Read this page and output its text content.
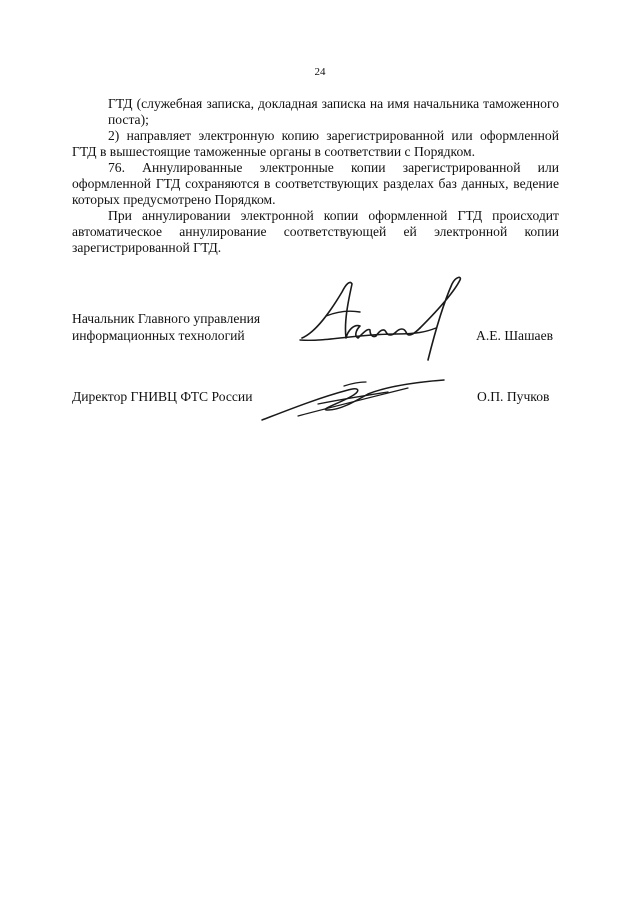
24

ГТД (служебная записка, докладная записка на имя начальника таможенного поста);

2) направляет электронную копию зарегистрированной или оформленной ГТД в вышестоящие таможенные органы в соответствии с Порядком.

76. Аннулированные электронные копии зарегистрированной или оформленной ГТД сохраняются в соответствующих разделах баз данных, ведение которых предусмотрено Порядком.

При аннулировании электронной копии оформленной ГТД происходит автоматическое аннулирование соответствующей ей электронной копии зарегистрированной ГТД.

Начальник Главного управления
информационных технологий	А.Е. Шашаев
Директор ГНИВЦ ФТС России	О.П. Пучков
